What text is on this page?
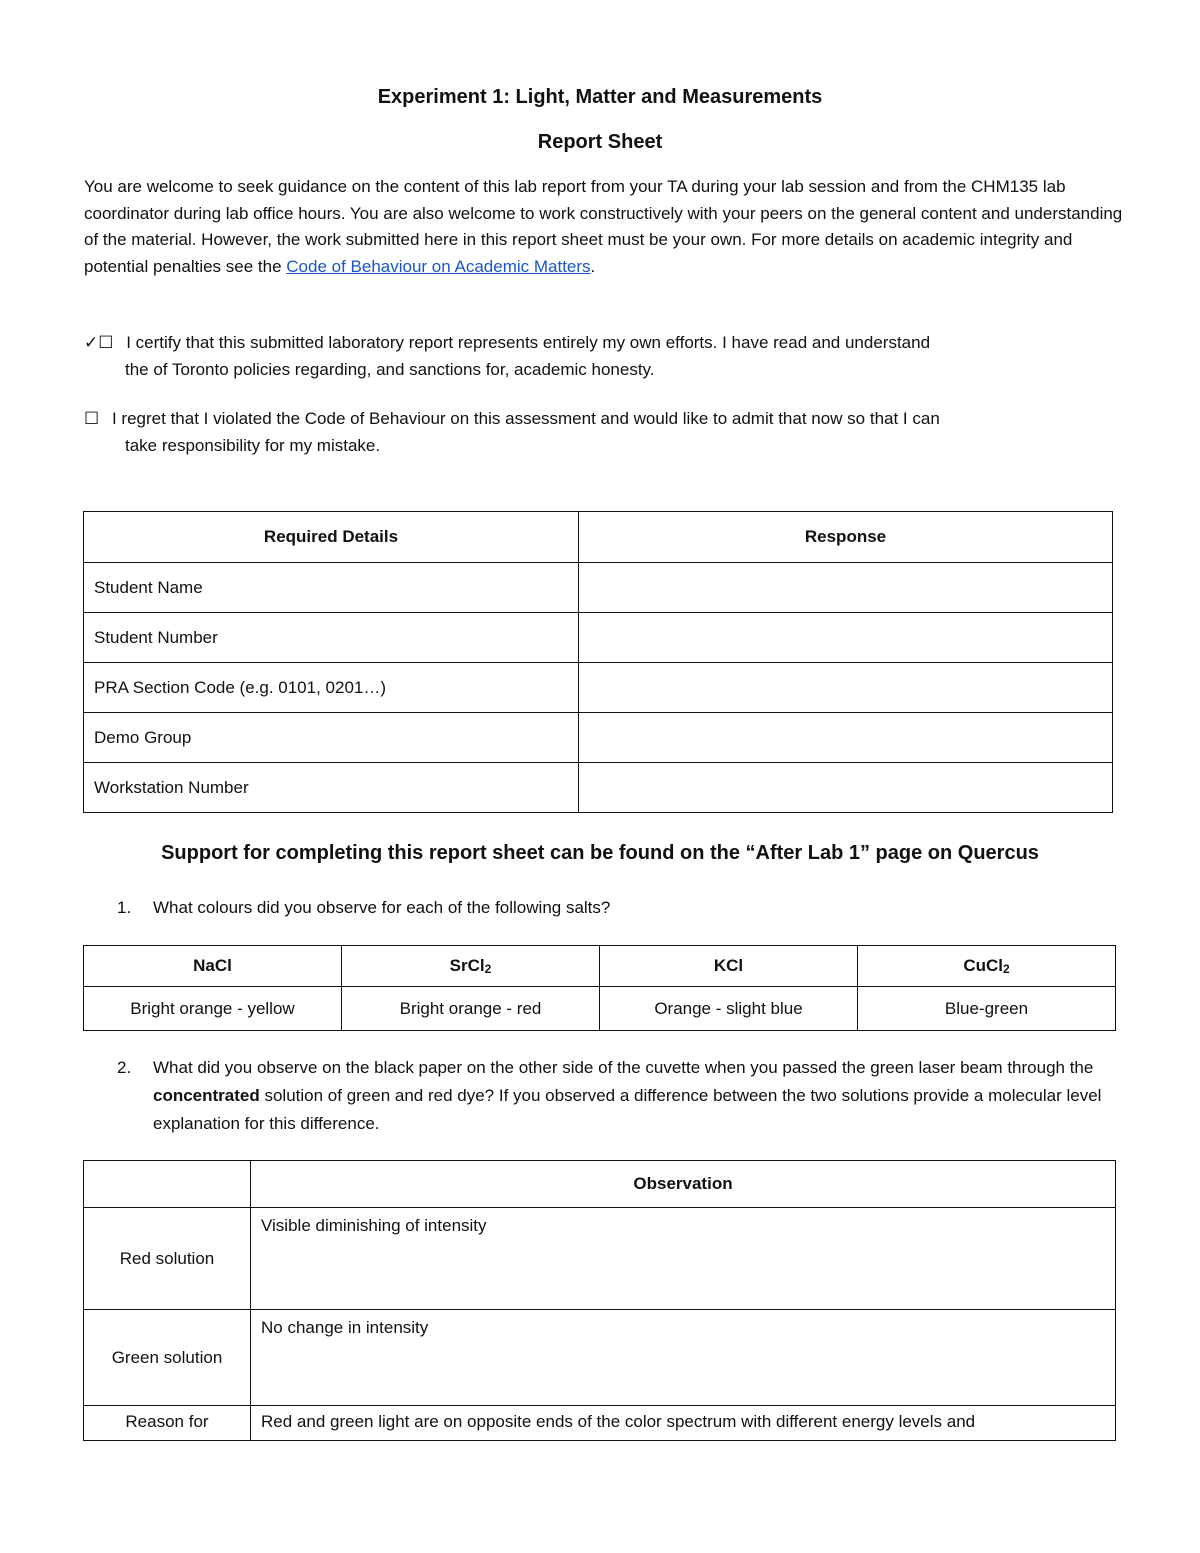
Experiment 1: Light, Matter and Measurements
Report Sheet
You are welcome to seek guidance on the content of this lab report from your TA during your lab session and from the CHM135 lab coordinator during lab office hours. You are also welcome to work constructively with your peers on the general content and understanding of the material. However, the work submitted here in this report sheet must be your own. For more details on academic integrity and potential penalties see the Code of Behaviour on Academic Matters.
✓☐ I certify that this submitted laboratory report represents entirely my own efforts. I have read and understand
the of Toronto policies regarding, and sanctions for, academic honesty.
☐ I regret that I violated the Code of Behaviour on this assessment and would like to admit that now so that I can
take responsibility for my mistake.
Required Details	Response
Student Name	
Student Number	
PRA Section Code (e.g. 0101, 0201…)	
Demo Group	
Workstation Number	
Support for completing this report sheet can be found on the “After Lab 1” page on Quercus
1. What colours did you observe for each of the following salts?
NaCl	SrCl$_2$	KCl	CuCl$_2$
Bright orange - yellow	Bright orange - red	Orange - slight blue	Blue-green
2. What did you observe on the black paper on the other side of the cuvette when you passed the green laser beam through the concentrated solution of green and red dye? If you observed a difference between the two solutions provide a molecular level explanation for this difference.
	Observation
Red solution	Visible diminishing of intensity
Green solution	No change in intensity
Reason for	Red and green light are on opposite ends of the color spectrum with different energy levels and
